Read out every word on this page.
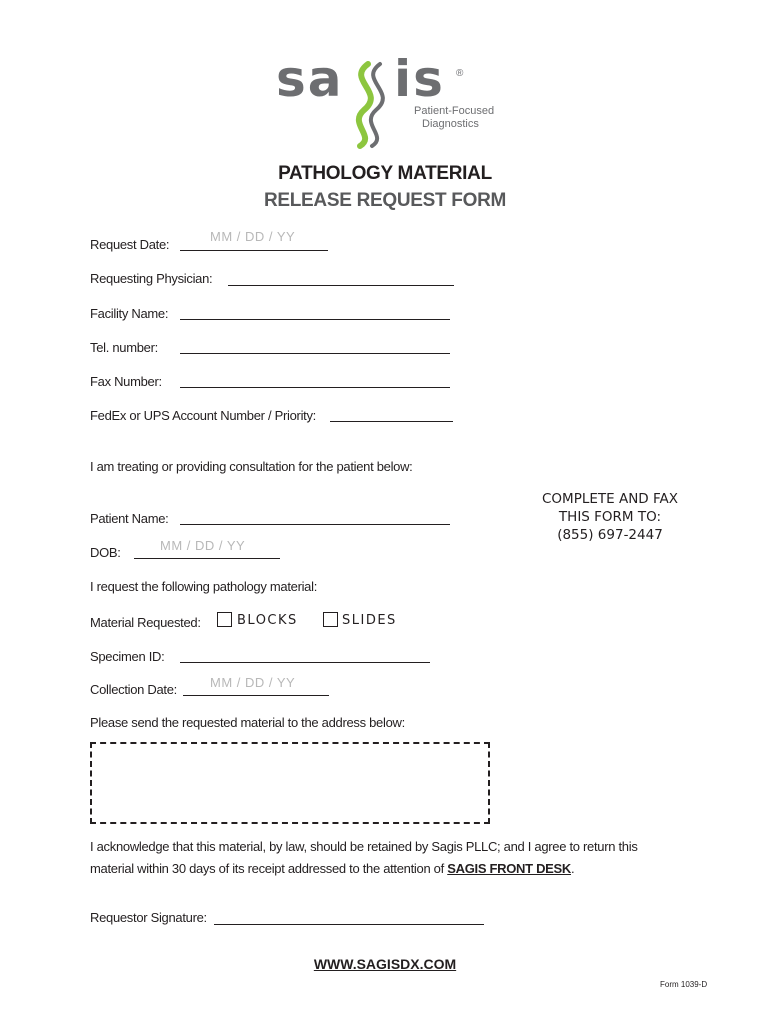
sa is ®
Patient-Focused
Diagnostics
PATHOLOGY MATERIAL
RELEASE REQUEST FORM
Request Date:
MM / DD / YY
Requesting Physician:
Facility Name:
Tel. number:
Fax Number:
FedEx or UPS Account Number / Priority:
I am treating or providing consultation for the patient below:
COMPLETE AND FAX
THIS FORM TO:
(855) 697-2447
Patient Name:
DOB:	MM / DD / YY
I request the following pathology material:
Material Requested:	BLOCKS	SLIDES
Specimen ID:
Collection Date:	MM / DD / YY
Please send the requested material to the address below:
I acknowledge that this material, by law, should be retained by Sagis PLLC; and I agree to return this
material within 30 days of its receipt addressed to the attention of SAGIS FRONT DESK.
Requestor Signature:
WWW.SAGISDX.COM
Form 1039-D
